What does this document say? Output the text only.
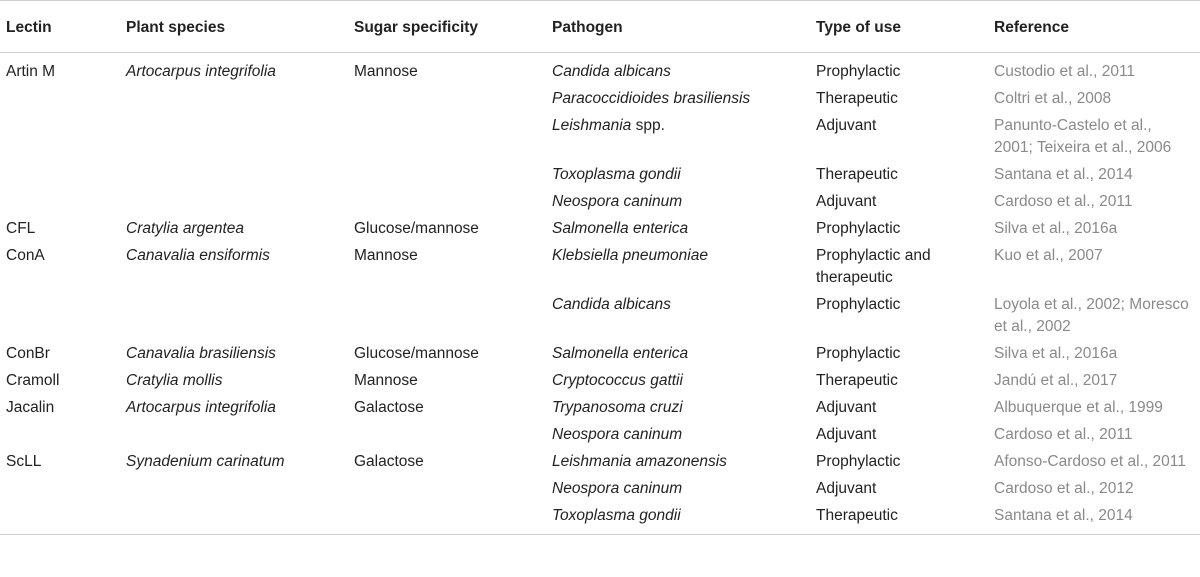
Lectin	Plant species	Sugar specificity	Pathogen	Type of use	Reference
Artin M	Artocarpus integrifolia	Mannose	Candida albicans	Prophylactic	Custodio et al., 2011
			Paracoccidioides brasiliensis	Therapeutic	Coltri et al., 2008
			Leishmania spp.	Adjuvant	Panunto-Castelo et al., 2001; Teixeira et al., 2006
			Toxoplasma gondii	Therapeutic	Santana et al., 2014
			Neospora caninum	Adjuvant	Cardoso et al., 2011
CFL	Cratylia argentea	Glucose/mannose	Salmonella enterica	Prophylactic	Silva et al., 2016a
ConA	Canavalia ensiformis	Mannose	Klebsiella pneumoniae	Prophylactic and therapeutic	Kuo et al., 2007
			Candida albicans	Prophylactic	Loyola et al., 2002; Moresco et al., 2002
ConBr	Canavalia brasiliensis	Glucose/mannose	Salmonella enterica	Prophylactic	Silva et al., 2016a
Cramoll	Cratylia mollis	Mannose	Cryptococcus gattii	Therapeutic	Jandú et al., 2017
Jacalin	Artocarpus integrifolia	Galactose	Trypanosoma cruzi	Adjuvant	Albuquerque et al., 1999
			Neospora caninum	Adjuvant	Cardoso et al., 2011
ScLL	Synadenium carinatum	Galactose	Leishmania amazonensis	Prophylactic	Afonso-Cardoso et al., 2011
			Neospora caninum	Adjuvant	Cardoso et al., 2012
			Toxoplasma gondii	Therapeutic	Santana et al., 2014
